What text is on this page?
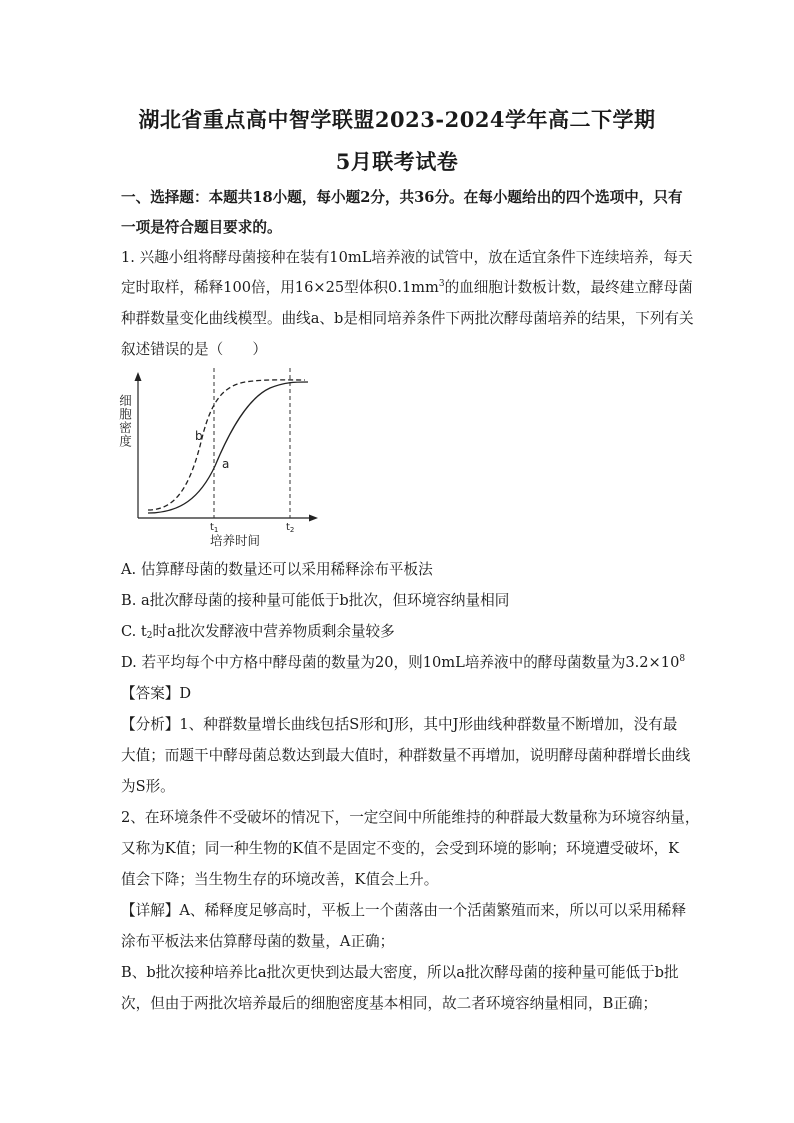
湖北省重点高中智学联盟2023-2024学年高二下学期
5月联考试卷
一、选择题：本题共18小题，每小题2分，共36分。在每小题给出的四个选项中，只有
一项是符合题目要求的。
1. 兴趣小组将酵母菌接种在装有10mL培养液的试管中，放在适宜条件下连续培养，每天
定时取样，稀释100倍，用16×25型体积$0.1mm^3$的血细胞计数板计数，最终建立酵母菌
种群数量变化曲线模型。曲线a、b是相同培养条件下两批次酵母菌培养的结果，下列有关
叙述错误的是（　　）
b
a
细胞密度
$t_1$	$t_2$
培养时间
A. 估算酵母菌的数量还可以采用稀释涂布平板法
B. a批次酵母菌的接种量可能低于b批次，但环境容纳量相同
C. $t_2$时a批次发酵液中营养物质剩余量较多
D. 若平均每个中方格中酵母菌的数量为20，则10mL培养液中的酵母菌数量为$3.2\times 10^8$
【答案】D
【分析】1、种群数量增长曲线包括S形和J形，其中J形曲线种群数量不断增加，没有最
大值；而题干中酵母菌总数达到最大值时，种群数量不再增加，说明酵母菌种群增长曲线
为S形。
2、在环境条件不受破坏的情况下，一定空间中所能维持的种群最大数量称为环境容纳量，
又称为K值；同一种生物的K值不是固定不变的，会受到环境的影响；环境遭受破坏，K
值会下降；当生物生存的环境改善，K值会上升。
【详解】A、稀释度足够高时，平板上一个菌落由一个活菌繁殖而来，所以可以采用稀释
涂布平板法来估算酵母菌的数量，A正确；
B、b批次接种培养比a批次更快到达最大密度，所以a批次酵母菌的接种量可能低于b批
次，但由于两批次培养最后的细胞密度基本相同，故二者环境容纳量相同，B正确；
